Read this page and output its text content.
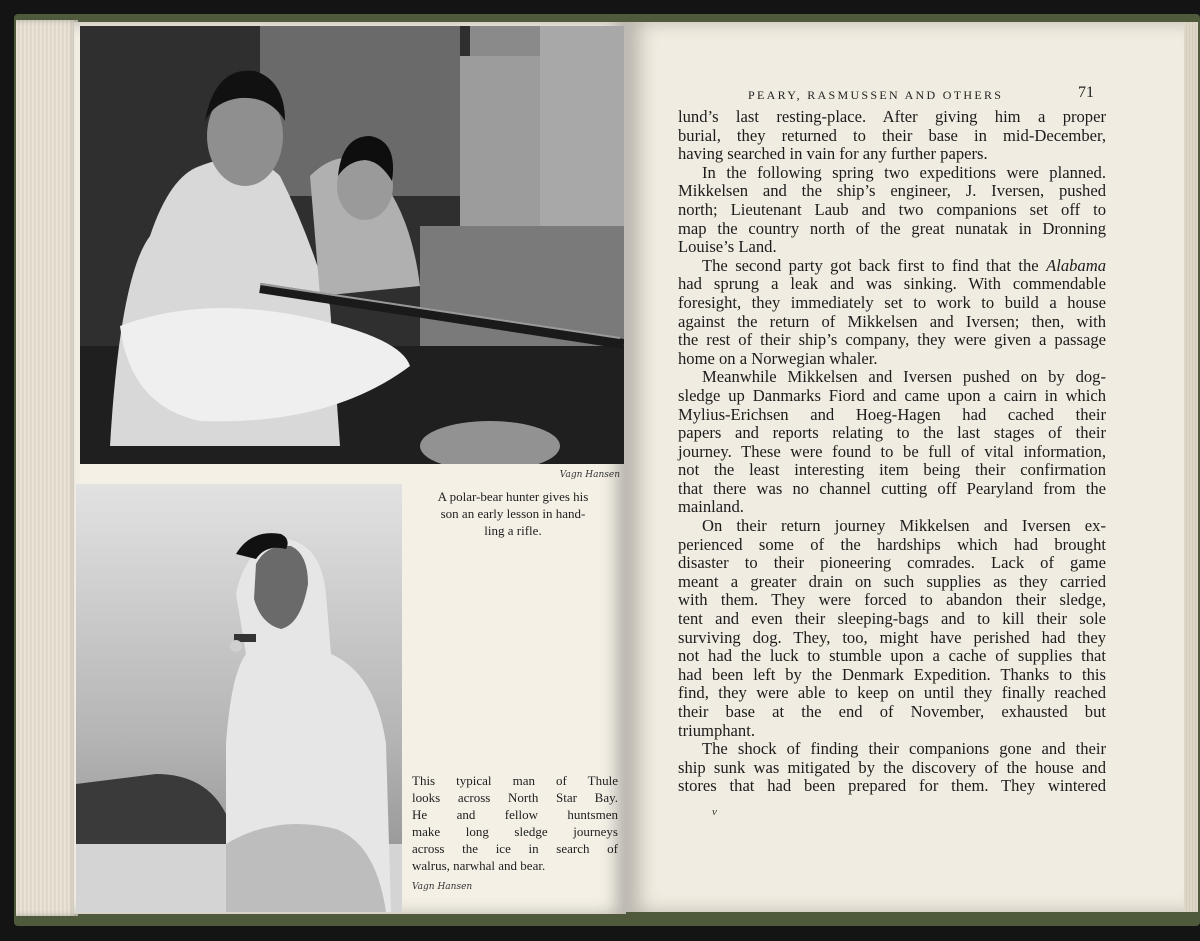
Vagn Hansen
A polar-bear hunter gives his
son an early lesson in hand-
ling a rifle.
This typical man of Thule
looks across North Star Bay.
He and fellow huntsmen
make long sledge journeys
across the ice in search of
walrus, narwhal and bear.
Vagn Hansen
PEARY, RASMUSSEN AND OTHERS	71
lund’s last resting-place. After giving him a proper
burial, they returned to their base in mid-December,
having searched in vain for any further papers.
In the following spring two expeditions were planned.
Mikkelsen and the ship’s engineer, J. Iversen, pushed
north; Lieutenant Laub and two companions set off to
map the country north of the great nunatak in Dronning
Louise’s Land.
The second party got back first to find that the Alabama
had sprung a leak and was sinking. With commendable
foresight, they immediately set to work to build a house
against the return of Mikkelsen and Iversen; then, with
the rest of their ship’s company, they were given a passage
home on a Norwegian whaler.
Meanwhile Mikkelsen and Iversen pushed on by dog-
sledge up Danmarks Fiord and came upon a cairn in which
Mylius-Erichsen and Hoeg-Hagen had cached their
papers and reports relating to the last stages of their
journey. These were found to be full of vital information,
not the least interesting item being their confirmation
that there was no channel cutting off Pearyland from the
mainland.
On their return journey Mikkelsen and Iversen ex-
perienced some of the hardships which had brought
disaster to their pioneering comrades. Lack of game
meant a greater drain on such supplies as they carried
with them. They were forced to abandon their sledge,
tent and even their sleeping-bags and to kill their sole
surviving dog. They, too, might have perished had they
not had the luck to stumble upon a cache of supplies that
had been left by the Denmark Expedition. Thanks to this
find, they were able to keep on until they finally reached
their base at the end of November, exhausted but
triumphant.
The shock of finding their companions gone and their
ship sunk was mitigated by the discovery of the house and
stores that had been prepared for them. They wintered
v
